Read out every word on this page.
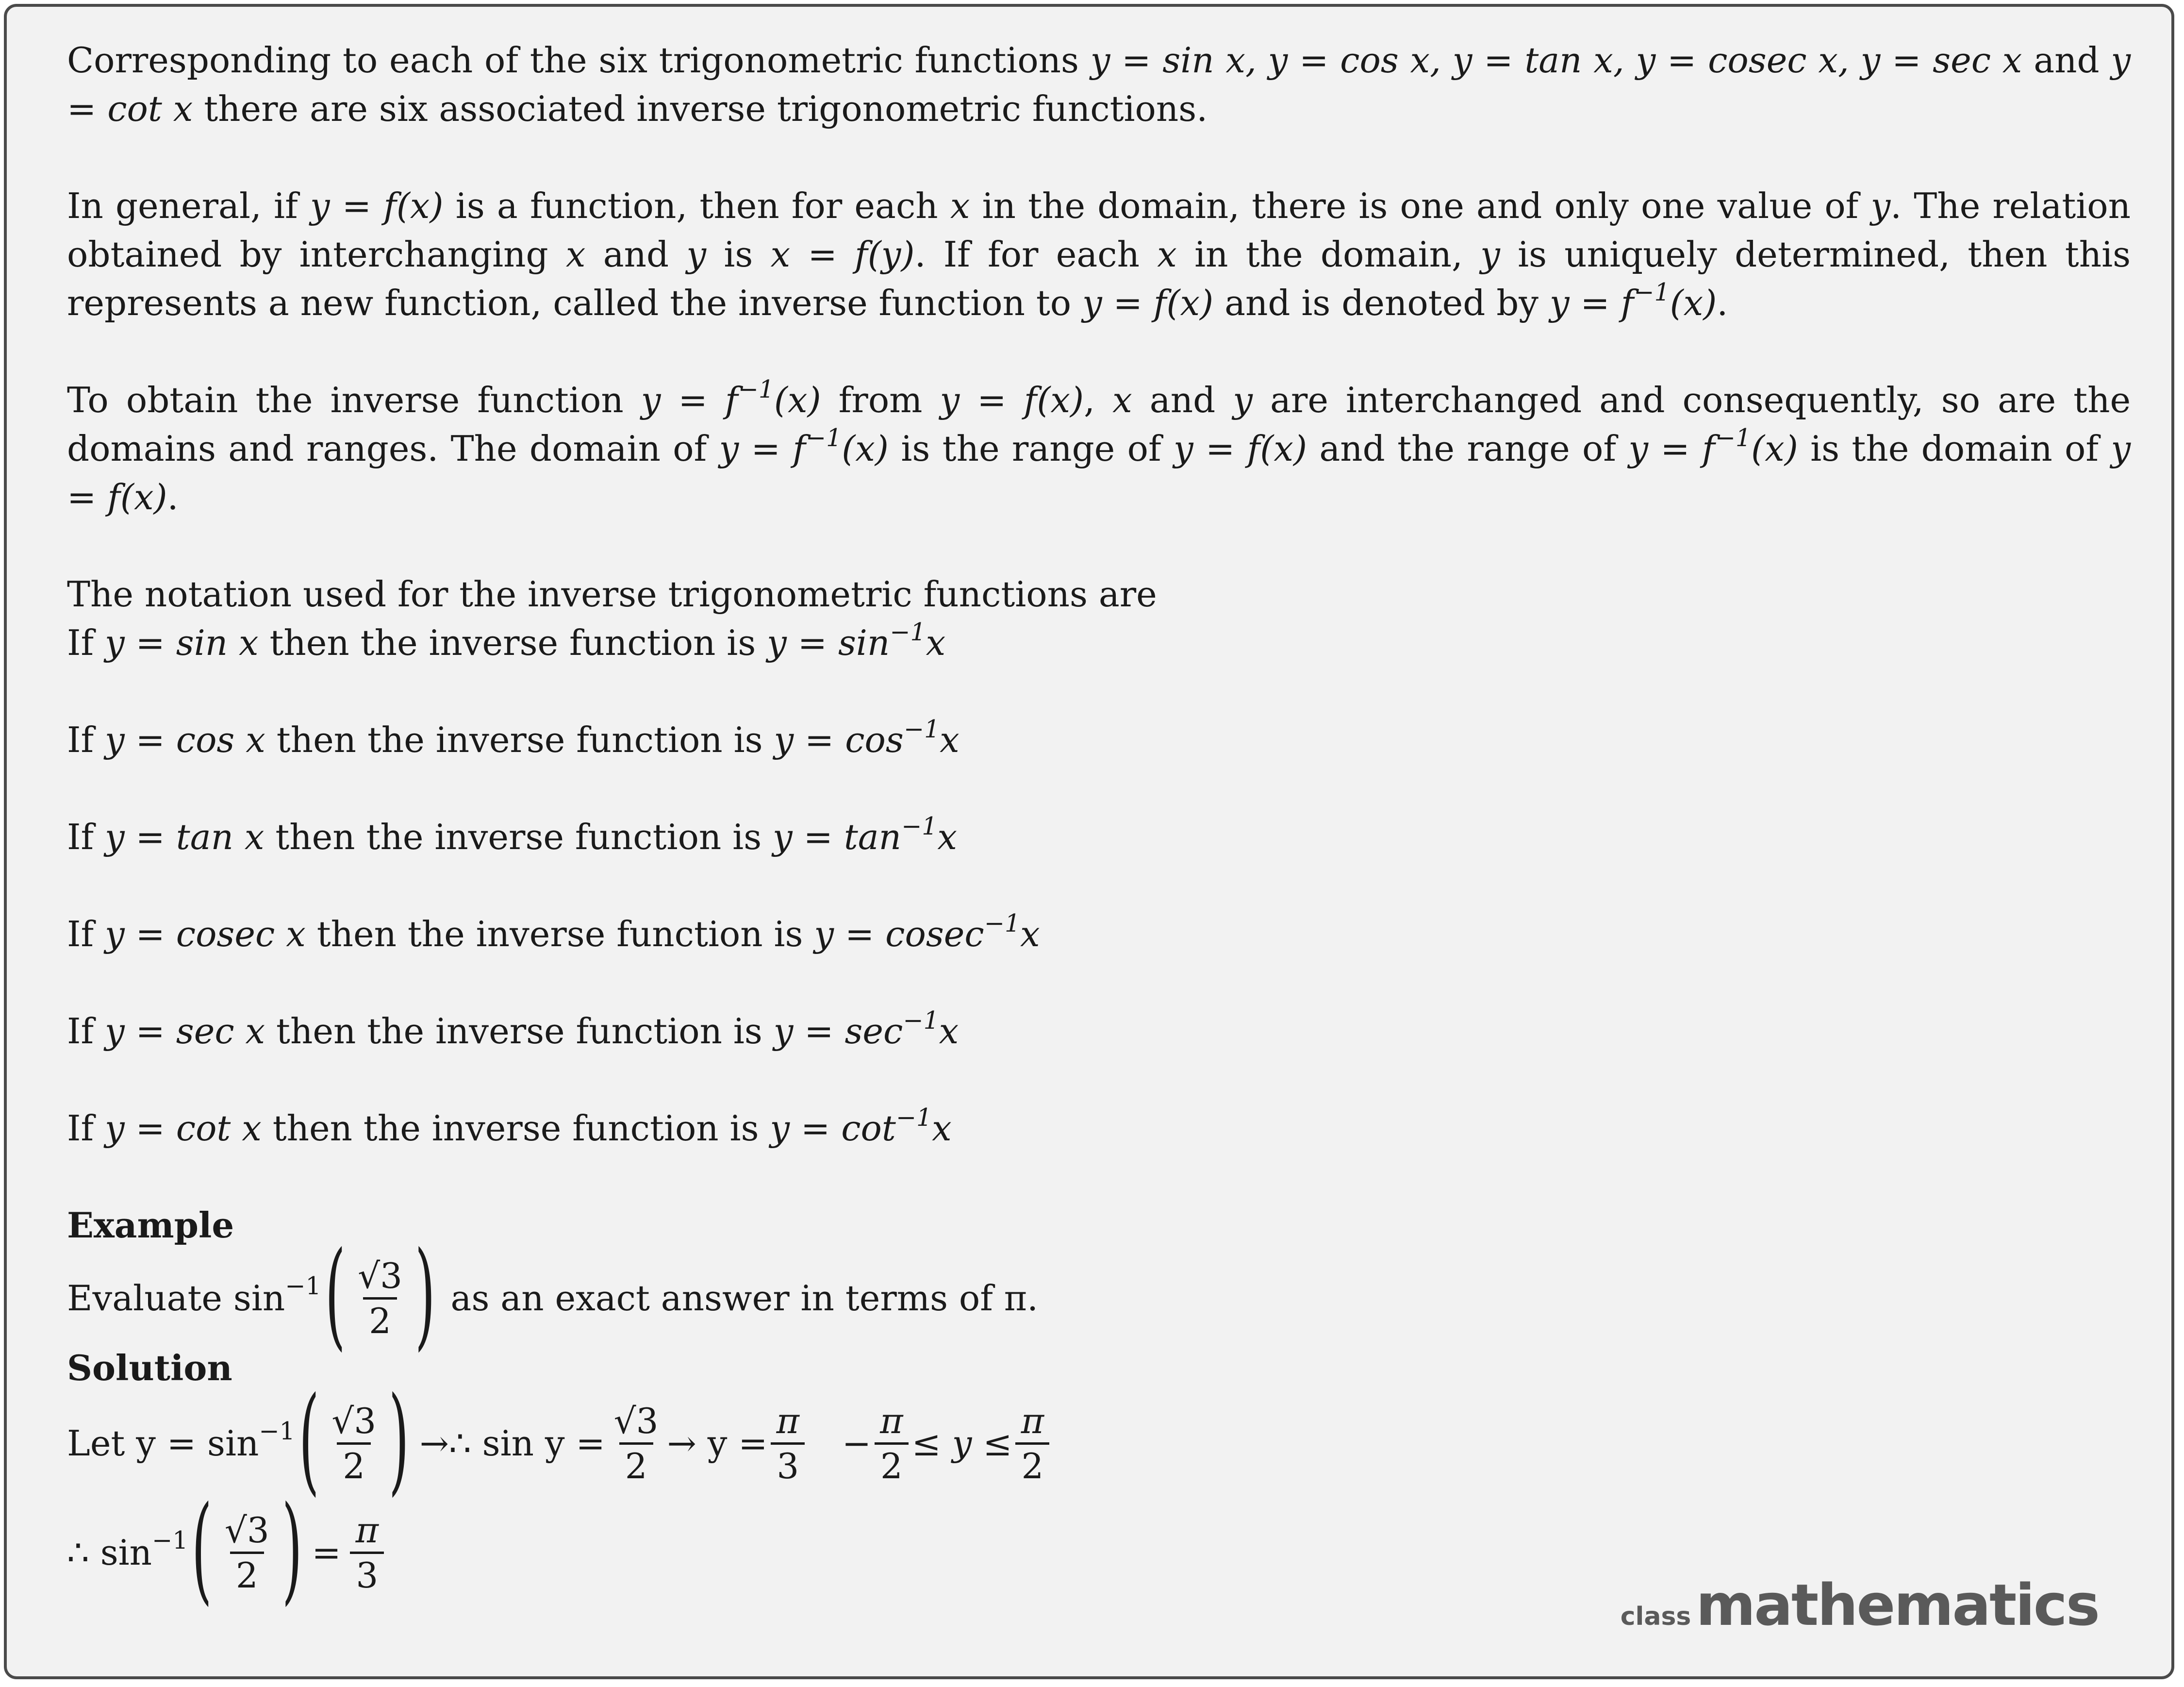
Corresponding to each of the six trigonometric functions y = sin x, y = cos x, y = tan x, y = cosec x, y = sec x and y = cot x there are six associated inverse trigonometric functions.

In general, if y = f(x) is a function, then for each x in the domain, there is one and only one value of y. The relation obtained by interchanging x and y is x = f(y). If for each x in the domain, y is uniquely determined, then this represents a new function, called the inverse function to y = f(x) and is denoted by $y = f^{-1}(x)$.

To obtain the inverse function $y = f^{-1}(x)$ from y = f(x), x and y are interchanged and consequently, so are the domains and ranges. The domain of $y = f^{-1}(x)$ is the range of y = f(x) and the range of $y = f^{-1}(x)$ is the domain of y = f(x).

The notation used for the inverse trigonometric functions are

If y = sin x then the inverse function is $y = \sin^{-1}x$

If y = cos x then the inverse function is $y = \cos^{-1}x$

If y = tan x then the inverse function is $y = \tan^{-1}x$

If y = cosec x then the inverse function is y = cosec$^{-1}$x

If y = sec x then the inverse function is $y = \sec^{-1}x$

If y = cot x then the inverse function is $y = \cot^{-1}x$

Example

Evaluate $\sin^{-1}$ ( $\frac{√3}{2}$ ) as an exact answer in terms of π.

Solution

Let $y = \sin^{-1}$ ( $\frac{√3}{2}$ ) →∴ $\sin y = \frac{√3}{2} \to y = \frac{\pi}{3} - \frac{\pi}{2} \le y \le \frac{\pi}{2}$
∴ $\sin^{-1}$ ( $\frac{√3}{2}$ ) = $\frac{\pi}{3}$
class mathematics
